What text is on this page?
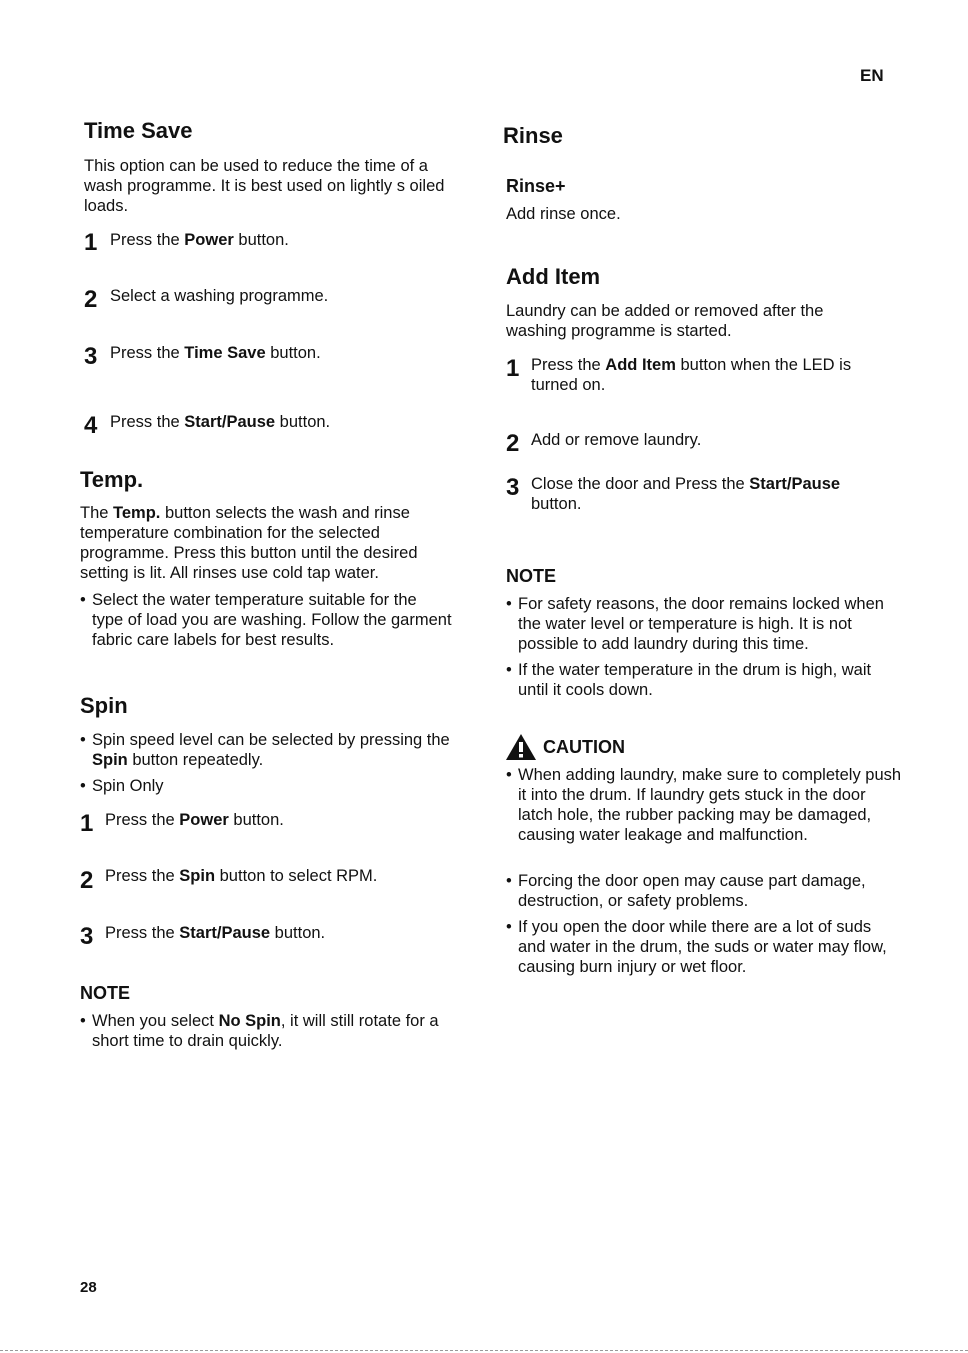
EN
Time Save
This option can be used to reduce the time of a wash programme. It is best used on lightly s oiled loads.
1 Press the Power button.
2 Select a washing programme.
3 Press the Time Save button.
4 Press the Start/Pause button.
Temp.
The Temp. button selects the wash and rinse temperature combination for the selected programme. Press this button until the desired setting is lit. All rinses use cold tap water.
• Select the water temperature suitable for the type of load you are washing. Follow the garment fabric care labels for best results.
Spin
• Spin speed level can be selected by pressing the Spin button repeatedly.
• Spin Only
1 Press the Power button.
2 Press the Spin button to select RPM.
3 Press the Start/Pause button.
NOTE
• When you select No Spin, it will still rotate for a short time to drain quickly.
Rinse
Rinse+
Add rinse once.
Add Item
Laundry can be added or removed after the washing programme is started.
1 Press the Add Item button when the LED is turned on.
2 Add or remove laundry.
3 Close the door and Press the Start/Pause button.
NOTE
• For safety reasons, the door remains locked when the water level or temperature is high. It is not possible to add laundry during this time.
• If the water temperature in the drum is high, wait until it cools down.
CAUTION
• When adding laundry, make sure to completely push it into the drum. If laundry gets stuck in the door latch hole, the rubber packing may be damaged, causing water leakage and malfunction.
• Forcing the door open may cause part damage, destruction, or safety problems.
• If you open the door while there are a lot of suds and water in the drum, the suds or water may flow, causing burn injury or wet floor.
28
